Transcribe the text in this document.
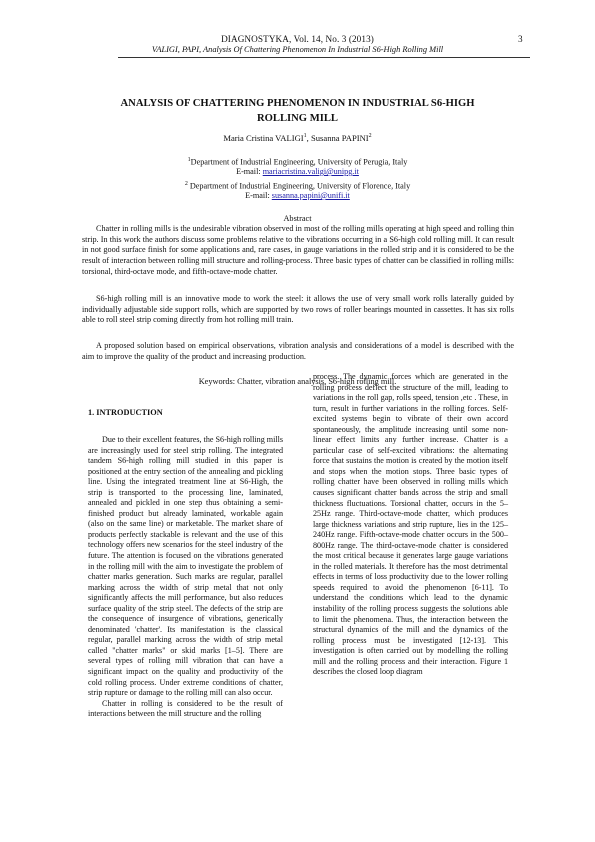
DIAGNOSTYKA, Vol. 14, No. 3 (2013)	3
VALIGI, PAPI, Analysis Of Chattering Phenomenon In Industrial S6-High Rolling Mill
ANALYSIS OF CHATTERING PHENOMENON IN INDUSTRIAL S6-HIGH
ROLLING MILL
Maria Cristina VALIGI$^1$, Susanna PAPINI$^2$
$^1$Department of Industrial Engineering, University of Perugia, Italy
E-mail: mariacristina.valigi@unipg.it
$^2$ Department of Industrial Engineering, University of Florence, Italy
E-mail: susanna.papini@unifi.it
Abstract
Chatter in rolling mills is the undesirable vibration observed in most of the rolling mills operating at high speed and rolling thin strip. In this work the authors discuss some problems relative to the vibrations occurring in a S6-high cold rolling mill. It can result in not good surface finish for some applications and, rare cases, in gauge variations in the rolled strip and it is considered to be the result of interaction between rolling mill structure and rolling-process. Three basic types of chatter can be classified in rolling mills: torsional, third-octave mode, and fifth-octave-mode chatter.
S6-high rolling mill is an innovative mode to work the steel: it allows the use of very small work rolls laterally guided by individually adjustable side support rolls, which are supported by two rows of roller bearings mounted in cassettes. It has six rolls able to roll steel strip coming directly from hot rolling mill train.
A proposed solution based on empirical observations, vibration analysis and considerations of a model is described with the aim to improve the quality of the product and increasing production.
Keywords: Chatter, vibration analysis, S6-high rolling mill.
1. INTRODUCTION

Due to their excellent features, the S6-high rolling mills are increasingly used for steel strip rolling. The integrated tandem S6-high rolling mill studied in this paper is positioned at the entry section of the annealing and pickling line. Using the integrated treatment line at S6-High, the strip is transported to the processing line, laminated, annealed and pickled in one step thus obtaining a semi-finished product but already laminated, workable again (also on the same line) or marketable. The market share of products perfectly stackable is relevant and the use of this technology offers new scenarios for the steel industry of the future. The attention is focused on the vibrations generated in the rolling mill with the aim to investigate the problem of chatter marks generation. Such marks are regular, parallel marking across the width of strip metal that not only significantly affects the mill performance, but also reduces surface quality of the strip steel. The defects of the strip are the consequence of insurgence of vibrations, generically denominated 'chatter'. Its manifestation is the classical regular, parallel marking across the width of strip metal called "chatter marks" or skid marks [1–5]. There are several types of rolling mill vibration that can have a significant impact on the quality and productivity of the cold rolling process. Under extreme conditions of chatter, strip rupture or damage to the rolling mill can also occur.

Chatter in rolling is considered to be the result of interactions between the mill structure and the rolling

process. The dynamic forces which are generated in the rolling process deflect the structure of the mill, leading to variations in the roll gap, rolls speed, tension ,etc . These, in turn, result in further variations in the rolling forces. Self-excited systems begin to vibrate of their own accord spontaneously, the amplitude increasing until some non-linear effect limits any further increase. Chatter is a particular case of self-excited vibrations: the alternating force that sustains the motion is created by the motion itself and stops when the motion stops. Three basic types of rolling chatter have been observed in rolling mills which causes significant chatter bands across the strip and small thickness fluctuations. Torsional chatter, occurs in the 5–25Hz range. Third-octave-mode chatter, which produces large thickness variations and strip rupture, lies in the 125–240Hz range. Fifth-octave-mode chatter occurs in the 500–800Hz range. The third-octave-mode chatter is considered the most critical because it generates large gauge variations in the rolled materials. It therefore has the most detrimental effects in terms of loss productivity due to the lower rolling speeds required to avoid the phenomenon [6-11]. To understand the conditions which lead to the dynamic instability of the rolling process suggests the solutions able to limit the phenomena. Thus, the interaction between the structural dynamics of the mill and the dynamics of the rolling process must be investigated [12-13]. This investigation is often carried out by modelling the rolling mill and the rolling process and their interaction. Figure 1 describes the closed loop diagram
